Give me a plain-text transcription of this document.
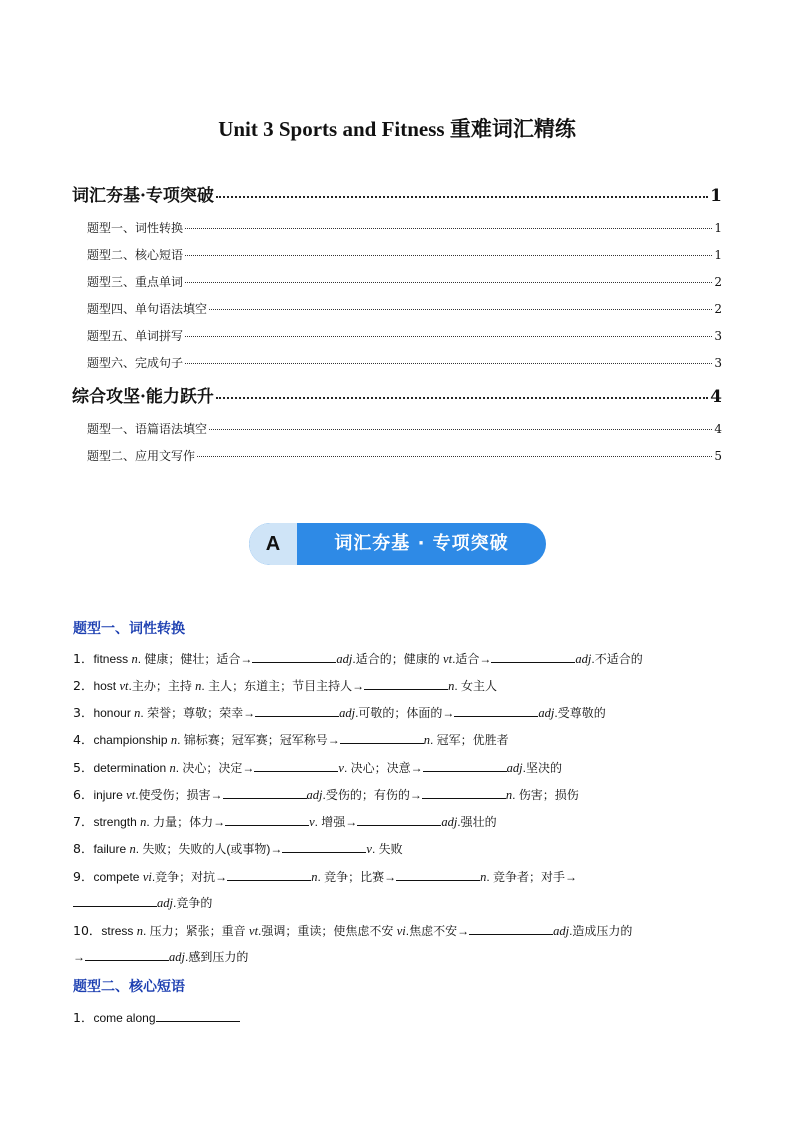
Unit 3 Sports and Fitness 重难词汇精练
词汇夯基·专项突破	1
题型一、词性转换	1
题型二、核心短语	1
题型三、重点单词	2
题型四、单句语法填空	2
题型五、单词拼写	3
题型六、完成句子	3
综合攻坚·能力跃升	4
题型一、语篇语法填空	4
题型二、应用文写作	5
A	词汇夯基 · 专项突破
题型一、词性转换
1．fitness n. 健康；健壮；适合→	adj.适合的；健康的 vt.适合→	adj.不适合的
2．host vt.主办；主持 n. 主人；东道主；节目主持人→	n. 女主人
3．honour n. 荣誉；尊敬；荣幸→	adj.可敬的；体面的→	adj.受尊敬的
4．championship n. 锦标赛；冠军赛；冠军称号→	n. 冠军；优胜者
5．determination n. 决心；决定→	v. 决心；决意→	adj.坚决的
6．injure vt.使受伤；损害→	adj.受伤的；有伤的→	n. 伤害；损伤
7．strength n. 力量；体力→	v. 增强→	adj.强壮的
8．failure n. 失败；失败的人(或事物)→	v. 失败
9．compete vi.竞争；对抗→	n. 竞争；比赛→	n. 竞争者；对手→
adj.竞争的
10．stress n. 压力；紧张；重音 vt.强调；重读；使焦虑不安 vi.焦虑不安→	adj.造成压力的
→	adj.感到压力的
题型二、核心短语
1．come along
